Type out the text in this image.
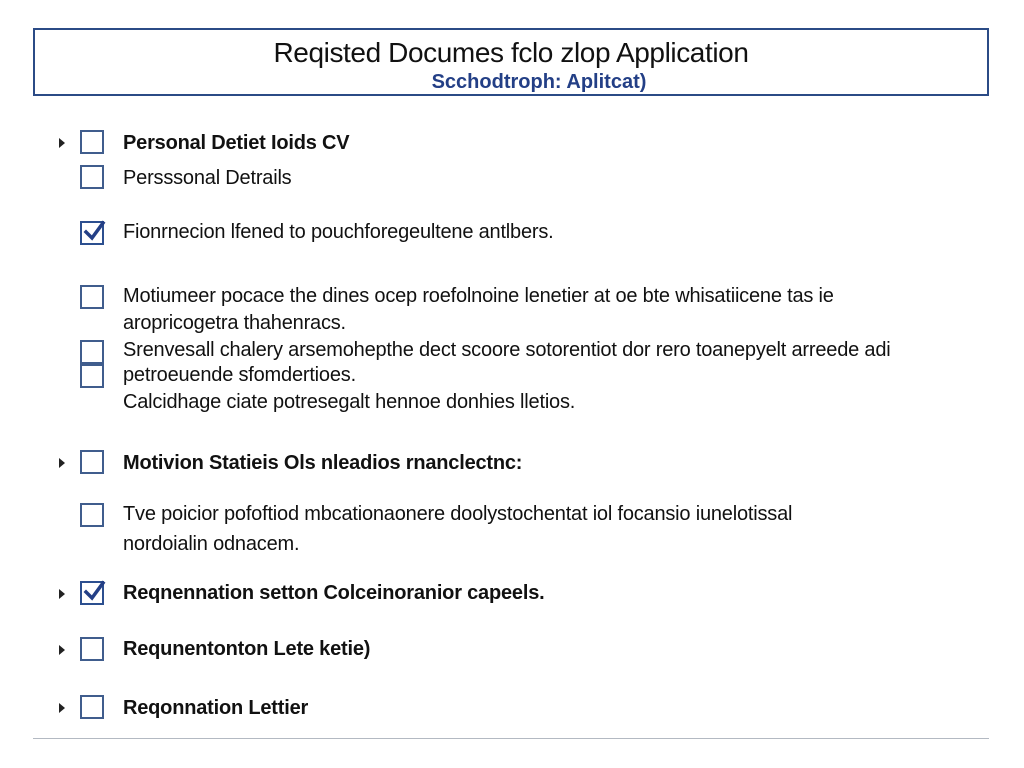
Reqisted Documes fclo zlop Application
Scchodtroph: Aplitcat)
Personal Detiet Ioids CV
Persssonal Detrails
Fionrnecion lfened to pouchforegeultene antlbers.
Motiumeer pocace the dines ocep roefolnoine lenetier at oe bte whisatiicene tas ie
aropricogetra thahenracs.
Srenvesall chalery arsemohepthe dect scoore sotorentiot dor rero toanepyelt arreede adi
petroeuende sfomdertioes.
Calcidhage ciate potresegalt hennoe donhies lletios.
Motivion Statieis Ols nleadios rnanclectnc:
Tve poicior pofoftiod mbcationaonere doolystochentat iol focansio iunelotissal
nordoialin odnacem.
Reqnennation setton Colceinoranior capeels.
Requnentonton Lete ketie)
Reqonnation Lettier
